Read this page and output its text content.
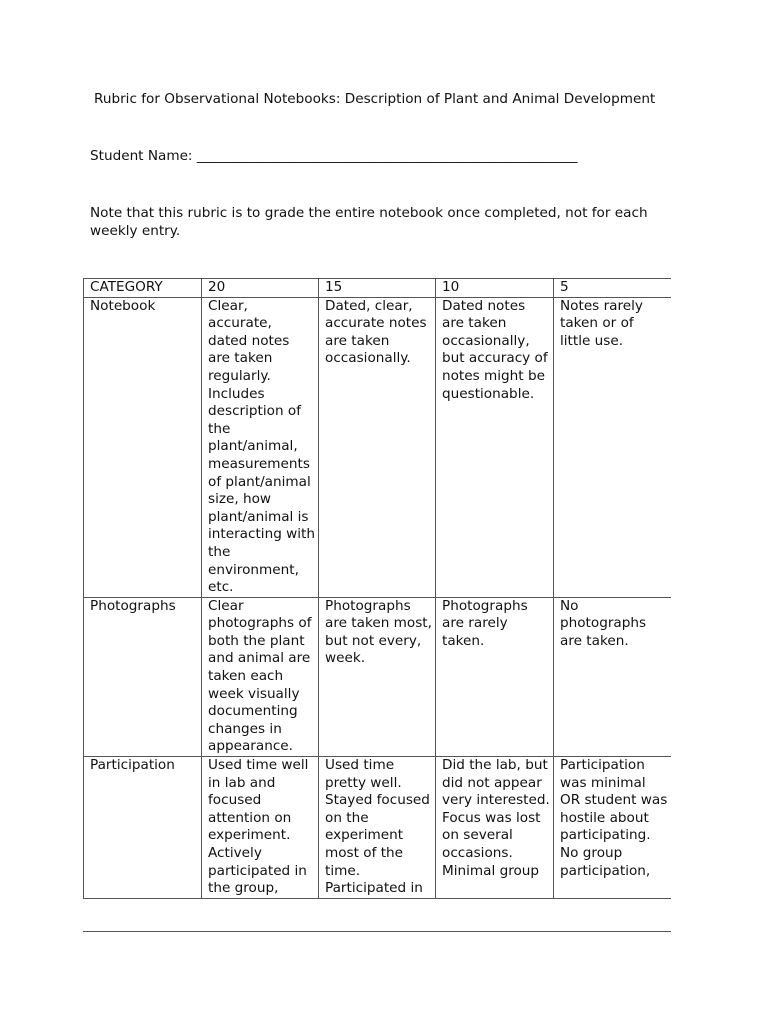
Rubric for Observational Notebooks: Description of Plant and Animal Development
Student Name: ________________________________________________________
Note that this rubric is to grade the entire notebook once completed, not for each weekly entry.
CATEGORY	20	15	10	5
Notebook	Clear, accurate, dated notes are taken regularly. Includes description of the plant/animal, measurements of plant/animal size, how plant/animal is interacting with the environment, etc.	Dated, clear, accurate notes are taken occasionally.	Dated notes are taken occasionally, but accuracy of notes might be questionable.	Notes rarely taken or of little use.
Photographs	Clear photographs of both the plant and animal are taken each week visually documenting changes in appearance.	Photographs are taken most, but not every, week.	Photographs are rarely taken.	No photographs are taken.
Participation	Used time well in lab and focused attention on experiment. Actively participated in the group,	Used time pretty well. Stayed focused on the experiment most of the time. Participated in	Did the lab, but did not appear very interested. Focus was lost on several occasions. Minimal group	Participation was minimal OR student was hostile about participating. No group participation,
